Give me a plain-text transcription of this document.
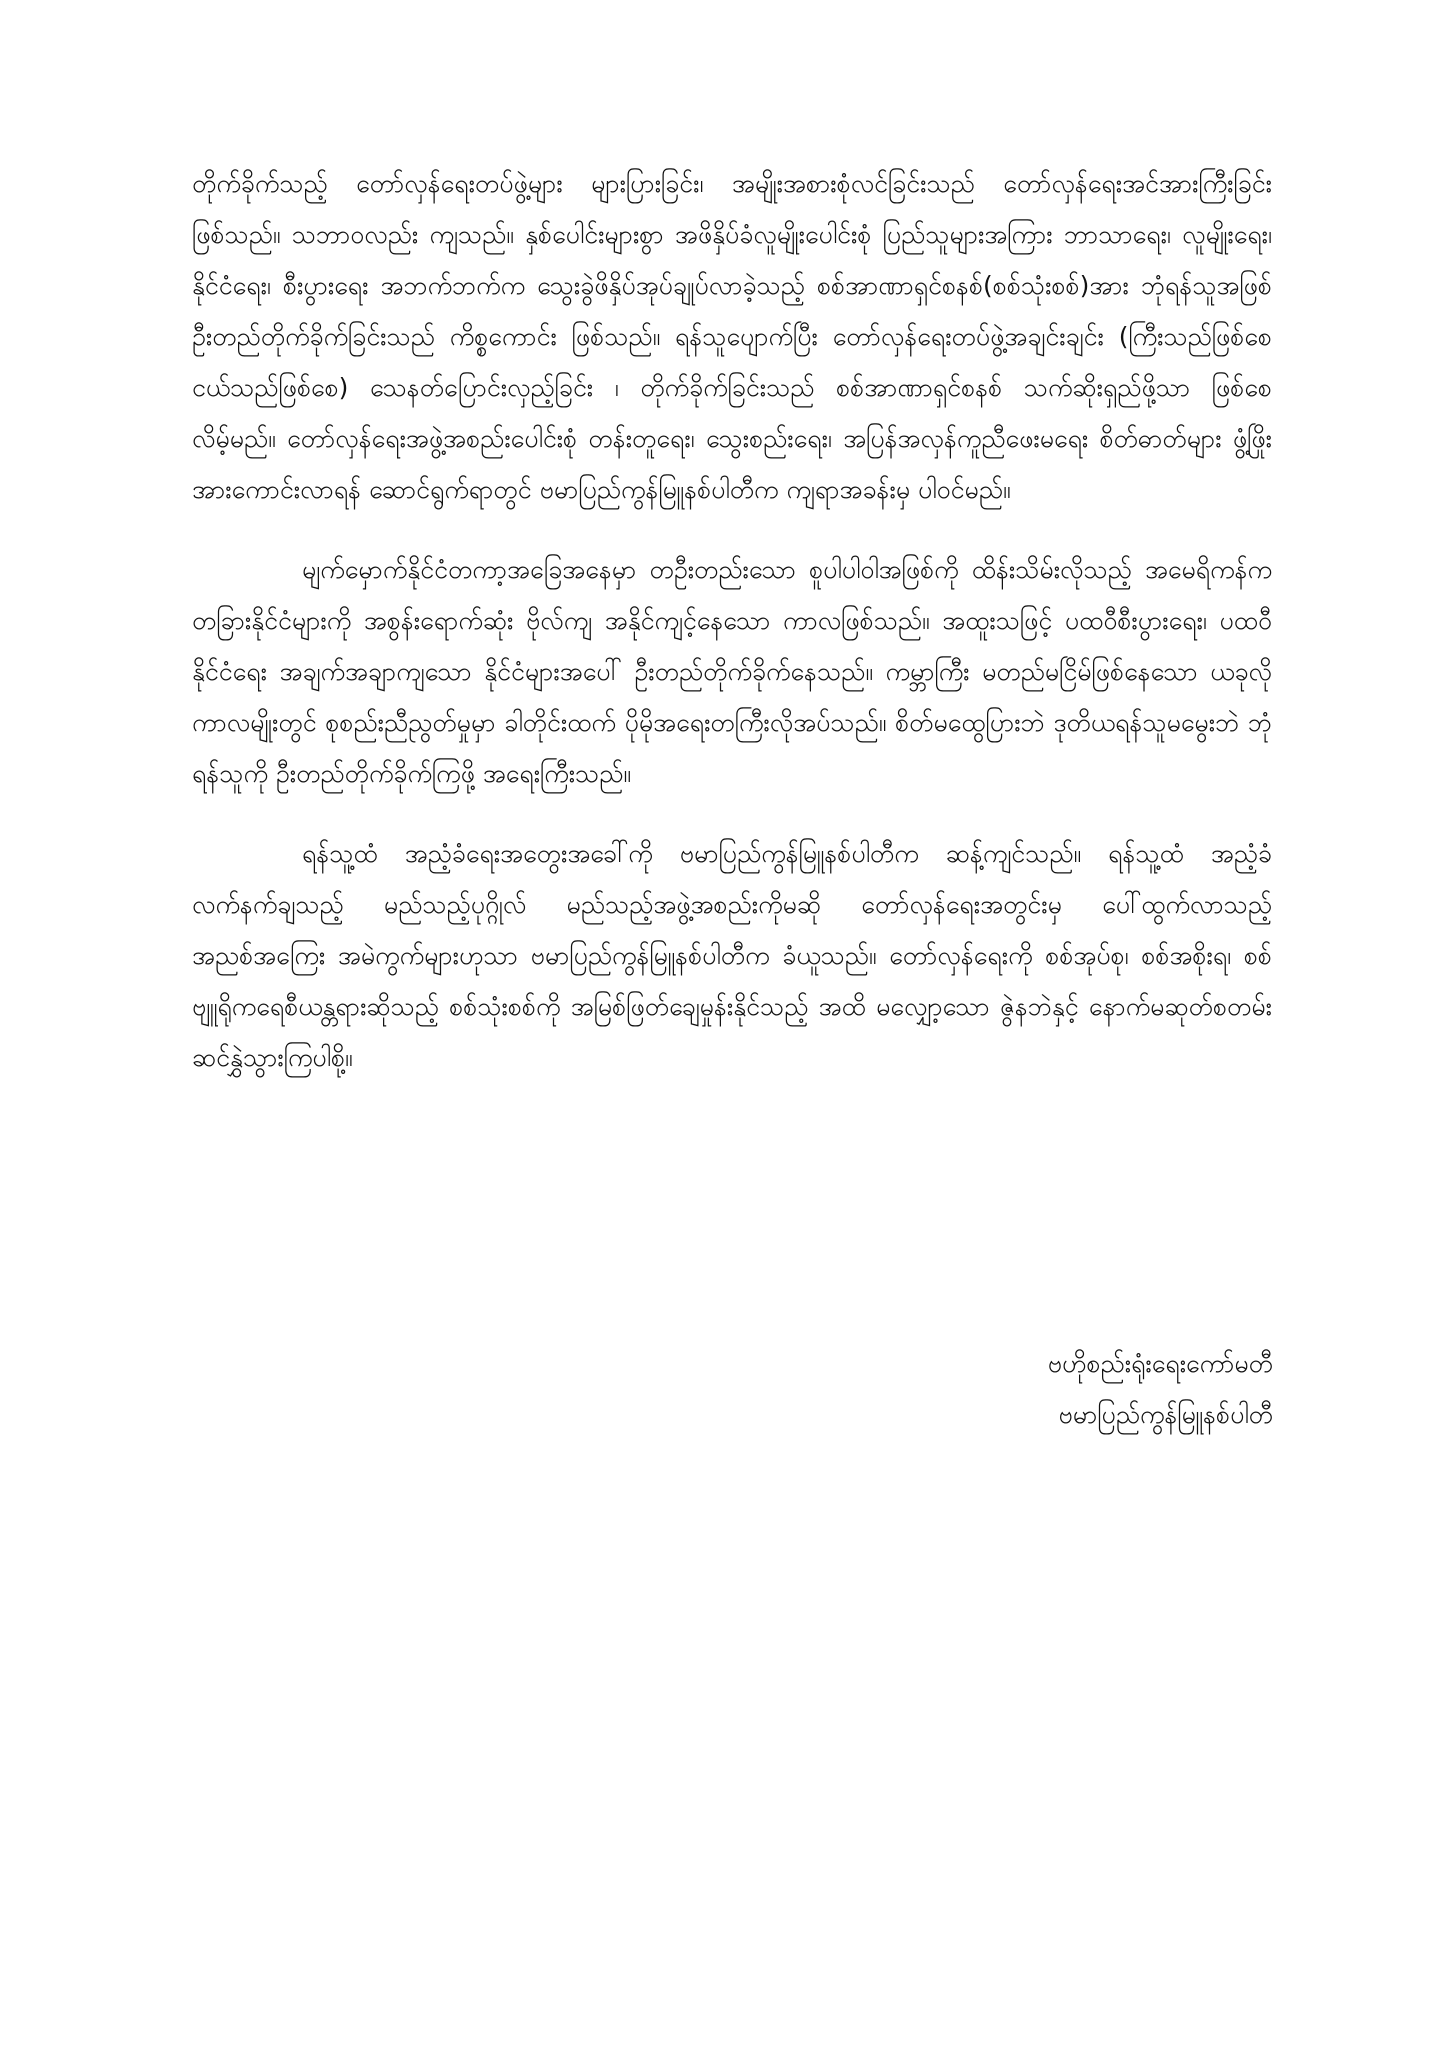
တိုက်ခိုက်သည့် တော်လှန်ရေးတပ်ဖွဲ့များ များပြားခြင်း၊ အမျိုးအစားစုံလင်ခြင်းသည် တော်လှန်ရေးအင်အားကြီးခြင်း ဖြစ်သည်။ သဘာဝလည်း ကျသည်။ နှစ်ပေါင်းများစွာ အဖိနှိပ်ခံလူမျိုးပေါင်းစုံ ပြည်သူများအကြား ဘာသာရေး၊ လူမျိုးရေး၊ နိုင်ငံရေး၊ စီးပွားရေး အဘက်ဘက်က သွေးခွဲဖိနှိပ်အုပ်ချုပ်လာခဲ့သည့် စစ်အာဏာရှင်စနစ်(စစ်သုံးစစ်)အား ဘုံရန်သူအဖြစ် ဦးတည်တိုက်ခိုက်ခြင်းသည် ကိစ္စကောင်း ဖြစ်သည်။ ရန်သူပျောက်ပြီး တော်လှန်ရေးတပ်ဖွဲ့အချင်းချင်း (ကြီးသည်ဖြစ်စေ ငယ်သည်ဖြစ်စေ) သေနတ်ပြောင်းလှည့်ခြင်း ၊ တိုက်ခိုက်ခြင်းသည် စစ်အာဏာရှင်စနစ် သက်ဆိုးရှည်ဖို့သာ ဖြစ်စေလိမ့်မည်။ တော်လှန်ရေးအဖွဲ့အစည်းပေါင်းစုံ တန်းတူရေး၊ သွေးစည်းရေး၊ အပြန်အလှန်ကူညီဖေးမရေး စိတ်ဓာတ်များ ဖွံ့ဖြိုးအားကောင်းလာရန် ဆောင်ရွက်ရာတွင် ဗမာပြည်ကွန်မြူနစ်ပါတီက ကျရာအခန်းမှ ပါဝင်မည်။

မျက်မှောက်နိုင်ငံတကာ့အခြေအနေမှာ တဦးတည်းသော စူပါပါဝါအဖြစ်ကို ထိန်းသိမ်းလိုသည့် အမေရိကန်က တခြားနိုင်ငံများကို အစွန်းရောက်ဆုံး ဗိုလ်ကျ အနိုင်ကျင့်နေသော ကာလဖြစ်သည်။ အထူးသဖြင့် ပထဝီစီးပွားရေး၊ ပထဝီနိုင်ငံရေး အချက်အချာကျသော နိုင်ငံများအပေါ် ဦးတည်တိုက်ခိုက်နေသည်။ ကမ္ဘာကြီး မတည်မငြိမ်ဖြစ်နေသော ယခုလိုကာလမျိုးတွင် စုစည်းညီညွတ်မှုမှာ ခါတိုင်းထက် ပိုမိုအရေးတကြီးလိုအပ်သည်။ စိတ်မထွေပြားဘဲ ဒုတိယရန်သူမမွေးဘဲ ဘုံရန်သူကို ဦးတည်တိုက်ခိုက်ကြဖို့ အရေးကြီးသည်။

ရန်သူ့ထံ အညံ့ခံရေးအတွေးအခေါ်ကို ဗမာပြည်ကွန်မြူနစ်ပါတီက ဆန့်ကျင်သည်။ ရန်သူ့ထံ အညံ့ခံ လက်နက်ချသည့် မည်သည့်ပုဂ္ဂိုလ် မည်သည့်အဖွဲ့အစည်းကိုမဆို တော်လှန်ရေးအတွင်းမှ ပေါ်ထွက်လာသည့် အညစ်အကြေး အမဲကွက်များဟုသာ ဗမာပြည်ကွန်မြူနစ်ပါတီက ခံယူသည်။ တော်လှန်ရေးကို စစ်အုပ်စု၊ စစ်အစိုးရ၊ စစ်ဗျူရိုကရေစီယန္တရားဆိုသည့် စစ်သုံးစစ်ကို အမြစ်ဖြတ်ချေမှုန်းနိုင်သည့် အထိ မလျှော့သော ဇွဲနဘဲနှင့် နောက်မဆုတ်စတမ်း ဆင်နွှဲသွားကြပါစို့။

ဗဟိုစည်းရုံးရေးကော်မတီ
ဗမာပြည်ကွန်မြူနစ်ပါတီ
